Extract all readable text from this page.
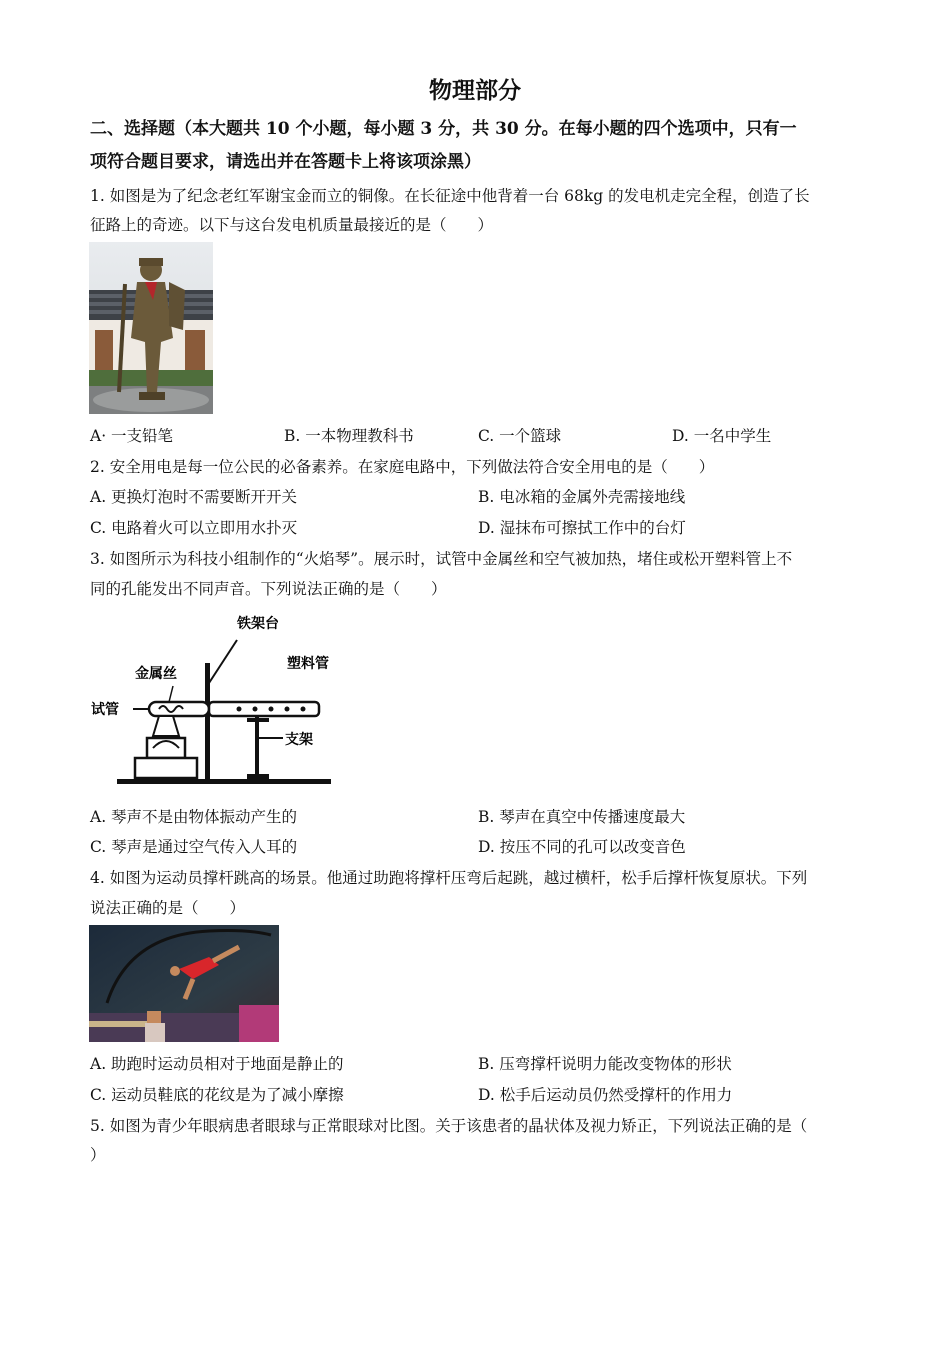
物理部分
二、选择题（本大题共 10 个小题，每小题 3 分，共 30 分。在每小题的四个选项中，只有一
项符合题目要求，请选出并在答题卡上将该项涂黑）
1. 如图是为了纪念老红军谢宝金而立的铜像。在长征途中他背着一台 68kg 的发电机走完全程，创造了长
征路上的奇迹。以下与这台发电机质量最接近的是（　　）
A· 一支铅笔	B. 一本物理教科书	C. 一个篮球	D. 一名中学生
2. 安全用电是每一位公民的必备素养。在家庭电路中，下列做法符合安全用电的是（　　）
A. 更换灯泡时不需要断开开关	B. 电冰箱的金属外壳需接地线
C. 电路着火可以立即用水扑灭	D. 湿抹布可擦拭工作中的台灯
3. 如图所示为科技小组制作的“火焰琴”。展示时，试管中金属丝和空气被加热，堵住或松开塑料管上不
同的孔能发出不同声音。下列说法正确的是（　　）
铁架台
金属丝
塑料管
试管
支架
A. 琴声不是由物体振动产生的	B. 琴声在真空中传播速度最大
C. 琴声是通过空气传入人耳的	D. 按压不同的孔可以改变音色
4. 如图为运动员撑杆跳高的场景。他通过助跑将撑杆压弯后起跳，越过横杆，松手后撑杆恢复原状。下列
说法正确的是（　　）
A. 助跑时运动员相对于地面是静止的	B. 压弯撑杆说明力能改变物体的形状
C. 运动员鞋底的花纹是为了减小摩擦	D. 松手后运动员仍然受撑杆的作用力
5. 如图为青少年眼病患者眼球与正常眼球对比图。关于该患者的晶状体及视力矫正，下列说法正确的是（
）
